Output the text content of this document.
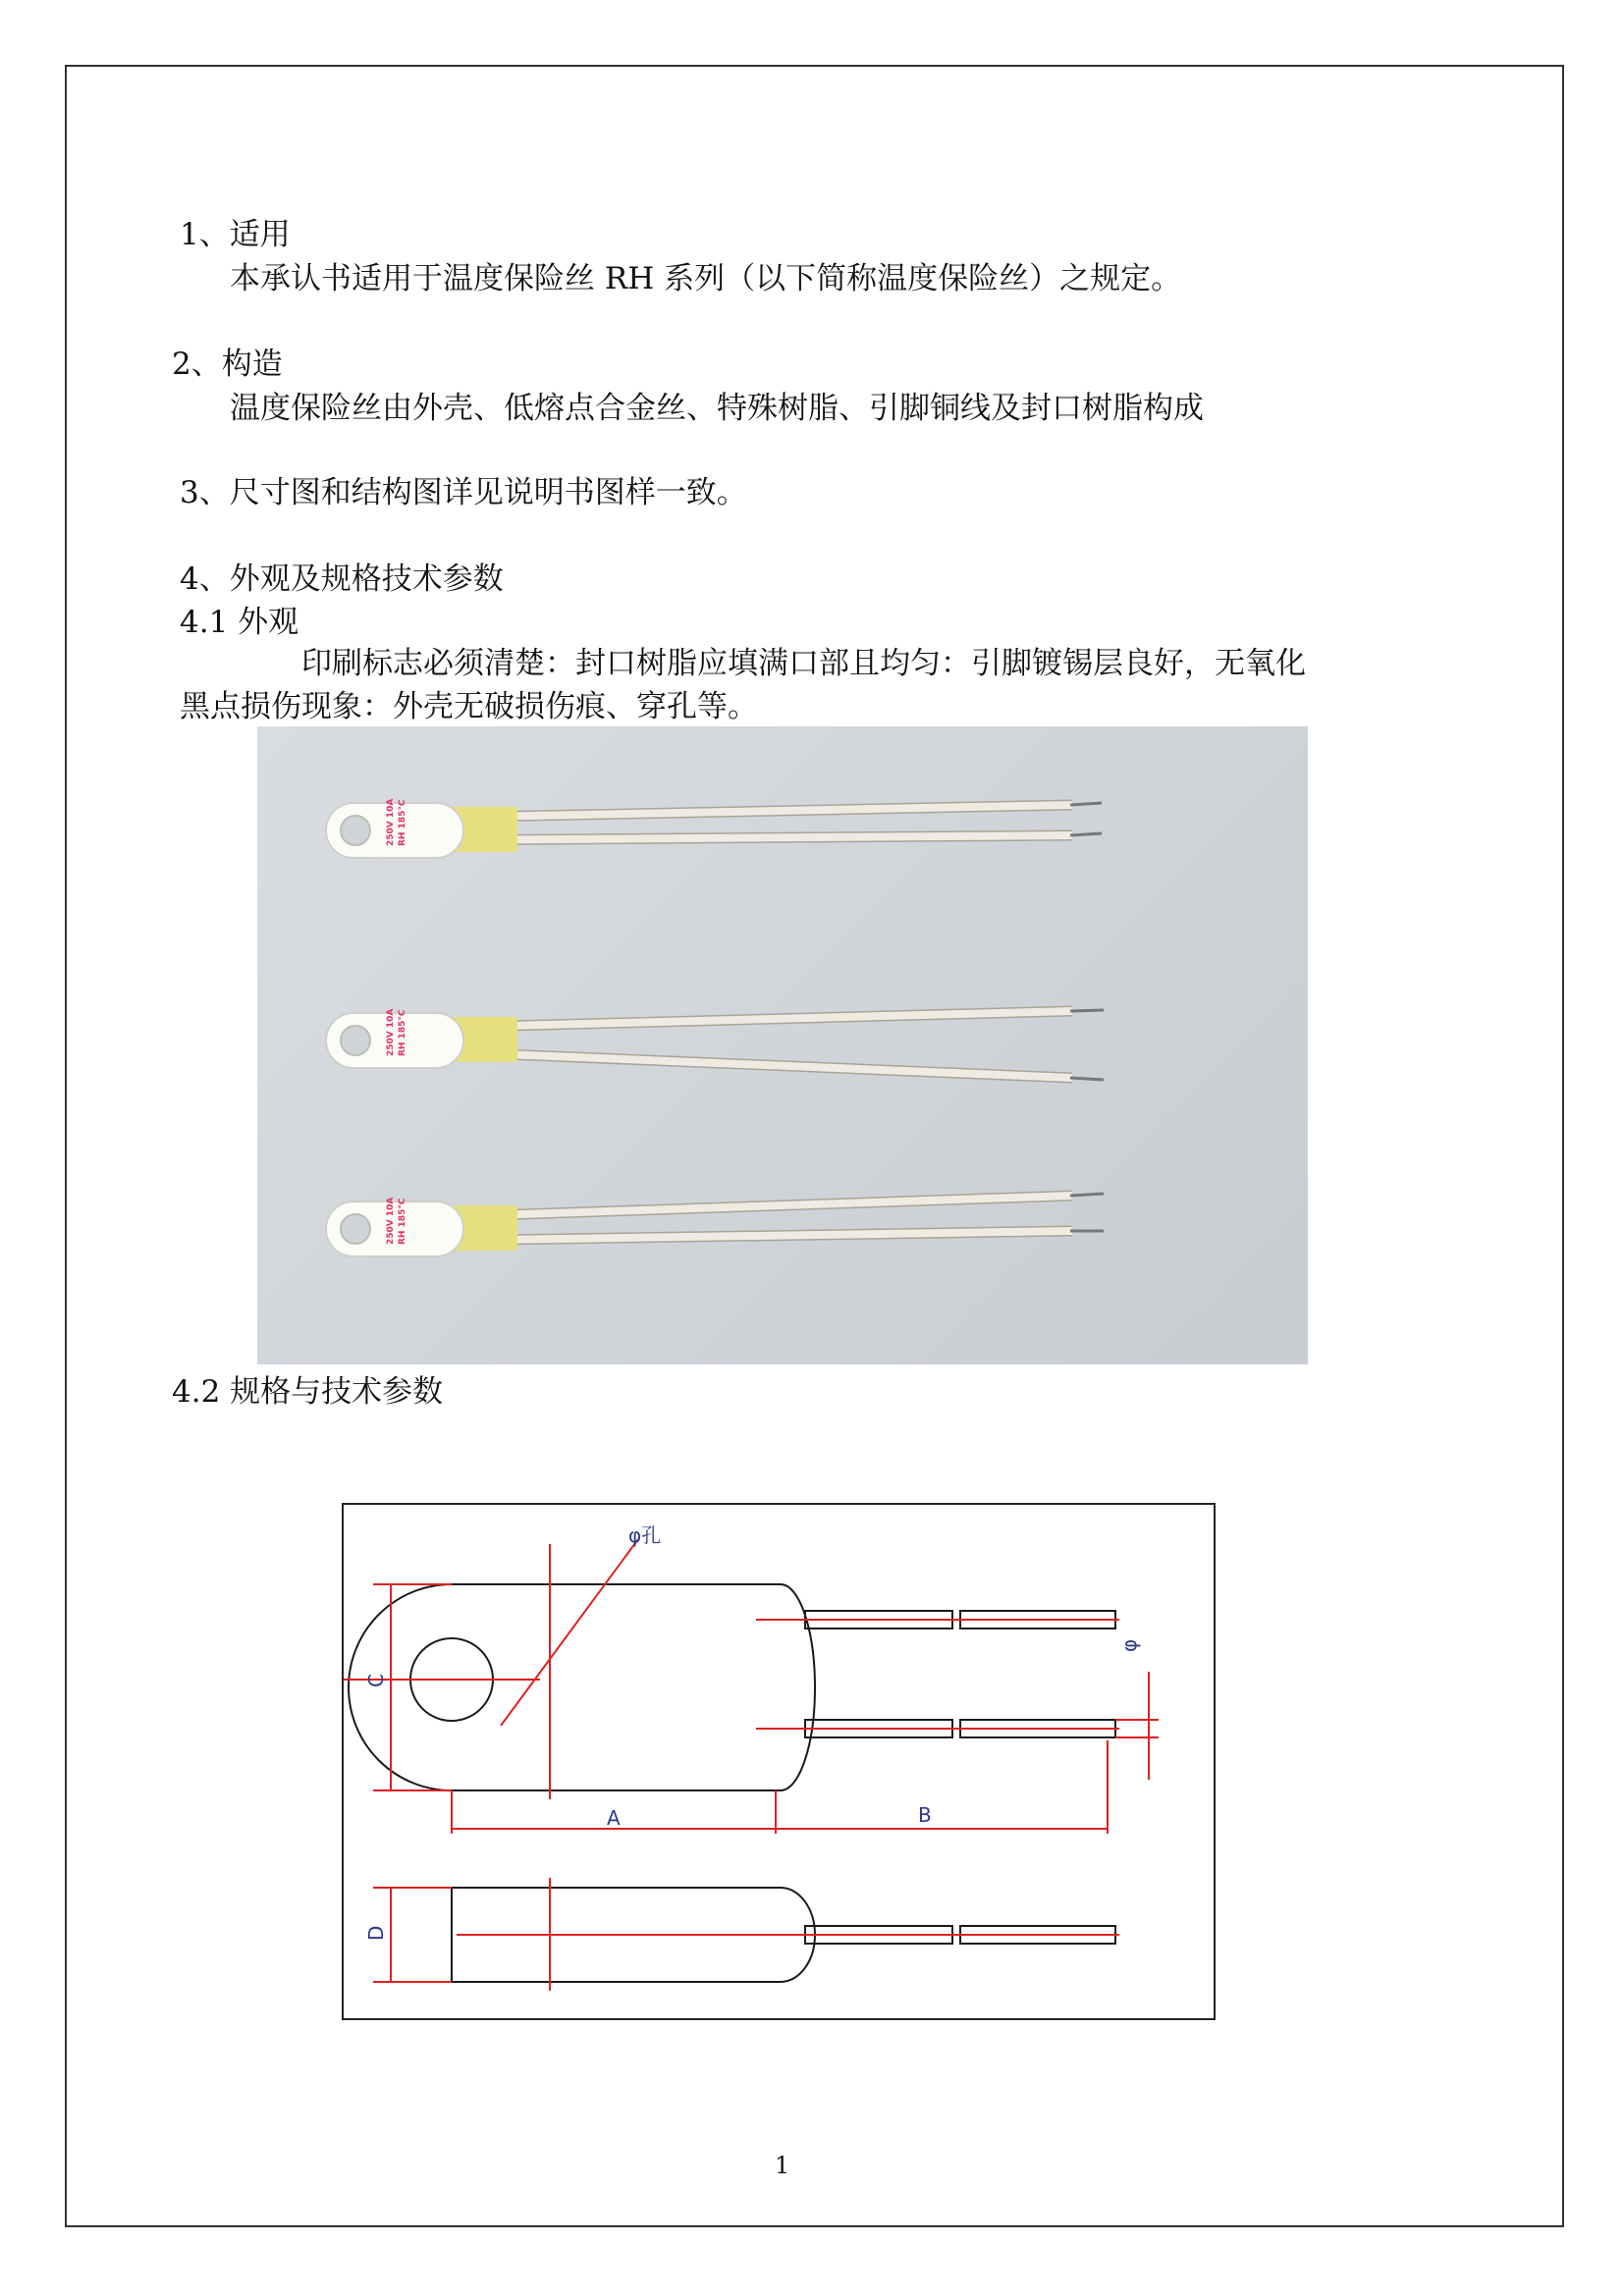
1、适用
本承认书适用于温度保险丝 RH 系列（以下简称温度保险丝）之规定。
2、构造
温度保险丝由外壳、低熔点合金丝、特殊树脂、引脚铜线及封口树脂构成
3、尺寸图和结构图详见说明书图样一致。
4、外观及规格技术参数
4.1 外观
印刷标志必须清楚：封口树脂应填满口部且均匀：引脚镀锡层良好，无氧化
黑点损伤现象：外壳无破损伤痕、穿孔等。
250V 10A RH 185°C
250V 10A RH 185°C
250V 10A RH 185°C
4.2 规格与技术参数
φ孔
A	B
C
D
φ
1
